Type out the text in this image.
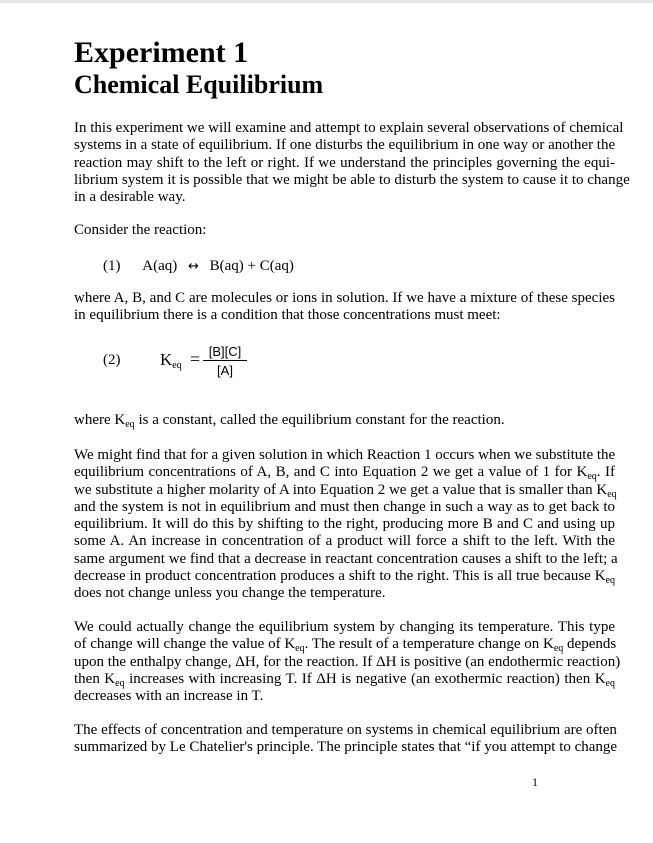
Experiment 1
Chemical Equilibrium

In this experiment we will examine and attempt to explain several observations of chemical
systems in a state of equilibrium. If one disturbs the equilibrium in one way or another the
reaction may shift to the left or right. If we understand the principles governing the equi-
librium system it is possible that we might be able to disturb the system to cause it to change
in a desirable way.

Consider the reaction:
(1) A(aq) ↔ B(aq) + C(aq)

where A, B, and C are molecules or ions in solution. If we have a mixture of these species
in equilibrium there is a condition that those concentrations must meet:

(2) $K_{eq} = [B][C]$
[A]
where $K_{eq}$ is a constant, called the equilibrium constant for the reaction.

We might find that for a given solution in which Reaction 1 occurs when we substitute the
equilibrium concentrations of A, B, and C into Equation 2 we get a value of 1 for $K_{eq}$. If
we substitute a higher molarity of A into Equation 2 we get a value that is smaller than $K_{eq}$
and the system is not in equilibrium and must then change in such a way as to get back to
equilibrium. It will do this by shifting to the right, producing more B and C and using up
some A. An increase in concentration of a product will force a shift to the left. With the
same argument we find that a decrease in reactant concentration causes a shift to the left; a
decrease in product concentration produces a shift to the right. This is all true because $K_{eq}$
does not change unless you change the temperature.

We could actually change the equilibrium system by changing its temperature. This type
of change will change the value of $K_{eq}$. The result of a temperature change on $K_{eq}$ depends
upon the enthalpy change, ΔH, for the reaction. If ΔH is positive (an endothermic reaction)
then $K_{eq}$ increases with increasing T. If ΔH is negative (an exothermic reaction) then $K_{eq}$
decreases with an increase in T.

The effects of concentration and temperature on systems in chemical equilibrium are often
summarized by Le Chatelier's principle. The principle states that “if you attempt to change

1
